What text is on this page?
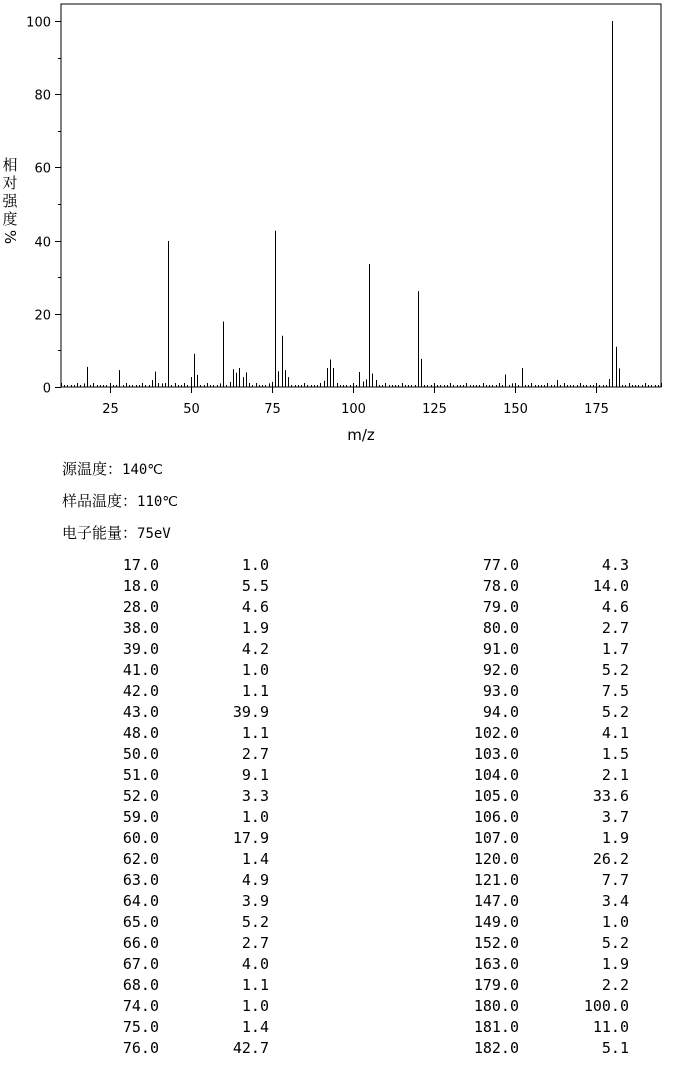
25	50	75	100	125	150	175
0
20
40
60
80
100
m/z
相
对
强
度
%
源温度：140℃
样品温度：110℃
电子能量：75eV
17.0	1.0
18.0	5.5
28.0	4.6
38.0	1.9
39.0	4.2
41.0	1.0
42.0	1.1
43.0	39.9
48.0	1.1
50.0	2.7
51.0	9.1
52.0	3.3
59.0	1.0
60.0	17.9
62.0	1.4
63.0	4.9
64.0	3.9
65.0	5.2
66.0	2.7
67.0	4.0
68.0	1.1
74.0	1.0
75.0	1.4
76.0	42.7
77.0	4.3
78.0	14.0
79.0	4.6
80.0	2.7
91.0	1.7
92.0	5.2
93.0	7.5
94.0	5.2
102.0	4.1
103.0	1.5
104.0	2.1
105.0	33.6
106.0	3.7
107.0	1.9
120.0	26.2
121.0	7.7
147.0	3.4
149.0	1.0
152.0	5.2
163.0	1.9
179.0	2.2
180.0	100.0
181.0	11.0
182.0	5.1
